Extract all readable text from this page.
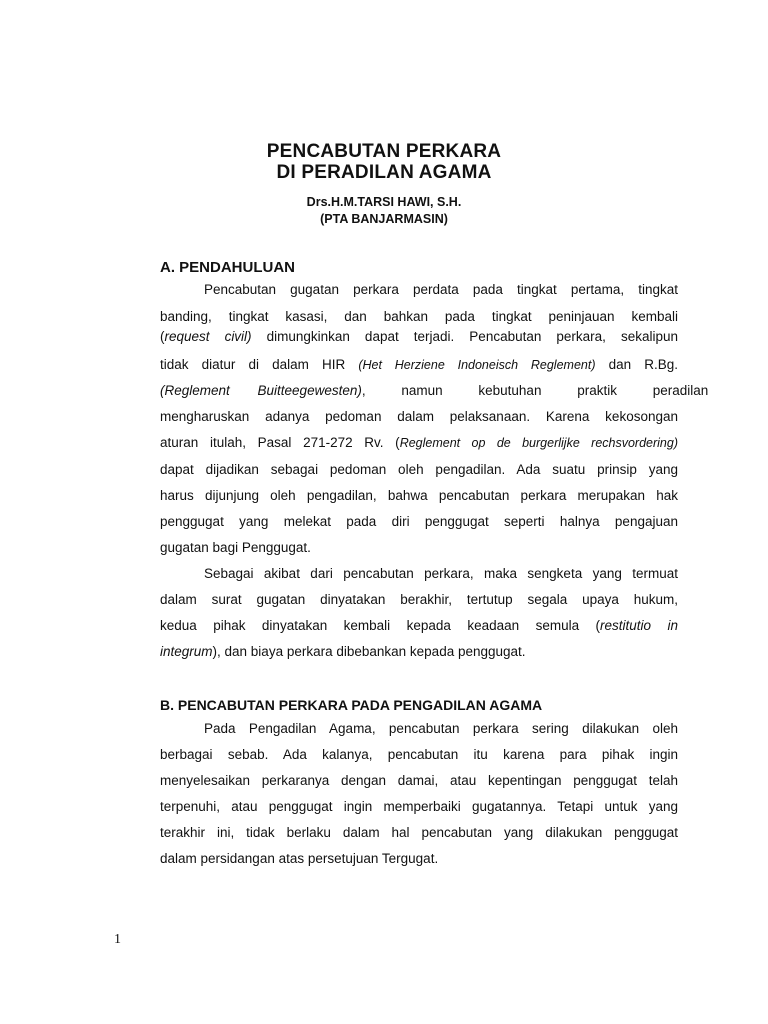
PENCABUTAN PERKARA
DI PERADILAN AGAMA
Drs.H.M.TARSI HAWI, S.H.
(PTA BANJARMASIN)
A. PENDAHULUAN
Pencabutan gugatan perkara perdata pada tingkat pertama, tingkat
banding, tingkat kasasi, dan bahkan pada tingkat peninjauan kembali
(request civil) dimungkinkan dapat terjadi. Pencabutan perkara, sekalipun
tidak diatur di dalam HIR (Het Herziene Indoneisch Reglement) dan R.Bg.
(Reglement Buitteegewesten), namun kebutuhan praktik peradilan
mengharuskan adanya pedoman dalam pelaksanaan. Karena kekosongan
aturan itulah, Pasal 271-272 Rv. (Reglement op de burgerlijke rechsvordering)
dapat dijadikan sebagai pedoman oleh pengadilan. Ada suatu prinsip yang
harus dijunjung oleh pengadilan, bahwa pencabutan perkara merupakan hak
penggugat yang melekat pada diri penggugat seperti halnya pengajuan
gugatan bagi Penggugat.
Sebagai akibat dari pencabutan perkara, maka sengketa yang termuat
dalam surat gugatan dinyatakan berakhir, tertutup segala upaya hukum,
kedua pihak dinyatakan kembali kepada keadaan semula (restitutio in
integrum), dan biaya perkara dibebankan kepada penggugat.
B. PENCABUTAN PERKARA PADA PENGADILAN AGAMA
Pada Pengadilan Agama, pencabutan perkara sering dilakukan oleh
berbagai sebab. Ada kalanya, pencabutan itu karena para pihak ingin
menyelesaikan perkaranya dengan damai, atau kepentingan penggugat telah
terpenuhi, atau penggugat ingin memperbaiki gugatannya. Tetapi untuk yang
terakhir ini, tidak berlaku dalam hal pencabutan yang dilakukan penggugat
dalam persidangan atas persetujuan Tergugat.
1
